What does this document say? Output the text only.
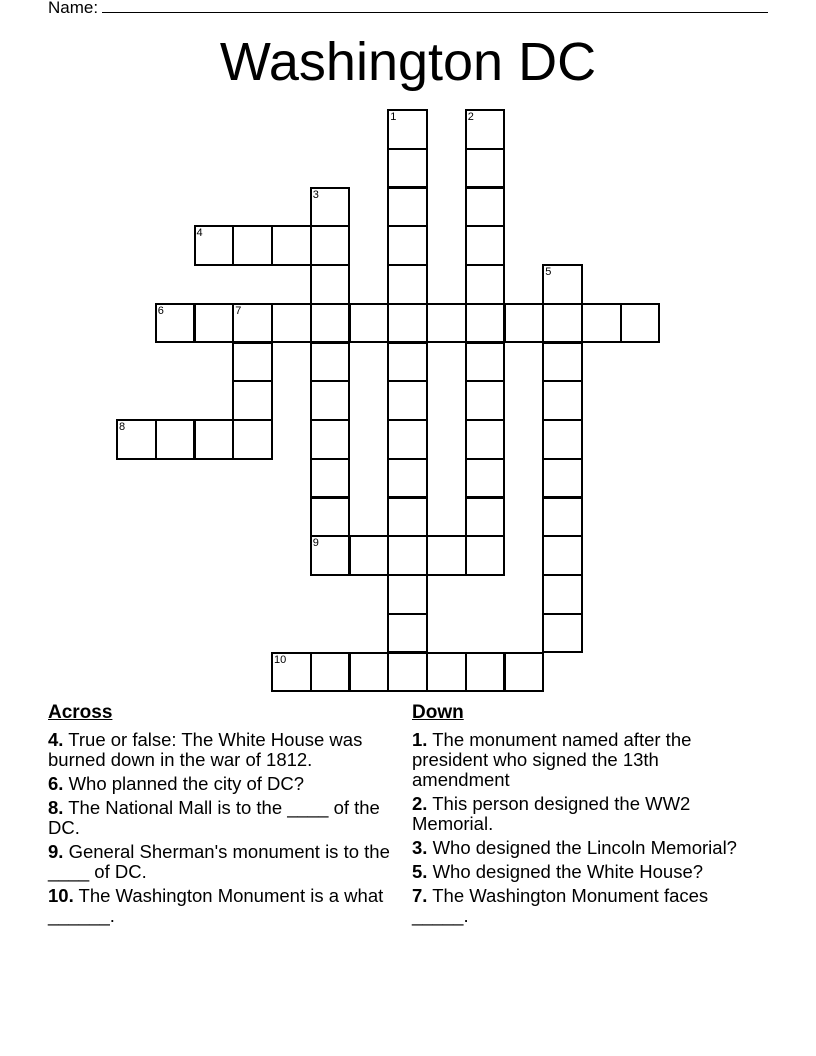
Name:
Washington DC
1	2
3
9
4
5
6	7
8
10
Across
4. True or false: The White House was burned down in the war of 1812.
6. Who planned the city of DC?
8. The National Mall is to the ____ of the DC.
9. General Sherman's monument is to the ____ of DC.
10. The Washington Monument is a what ______.
Down
1. The monument named after the president who signed the 13th amendment
2. This person designed the WW2 Memorial.
3. Who designed the Lincoln Memorial?
5. Who designed the White House?
7. The Washington Monument faces _____.
